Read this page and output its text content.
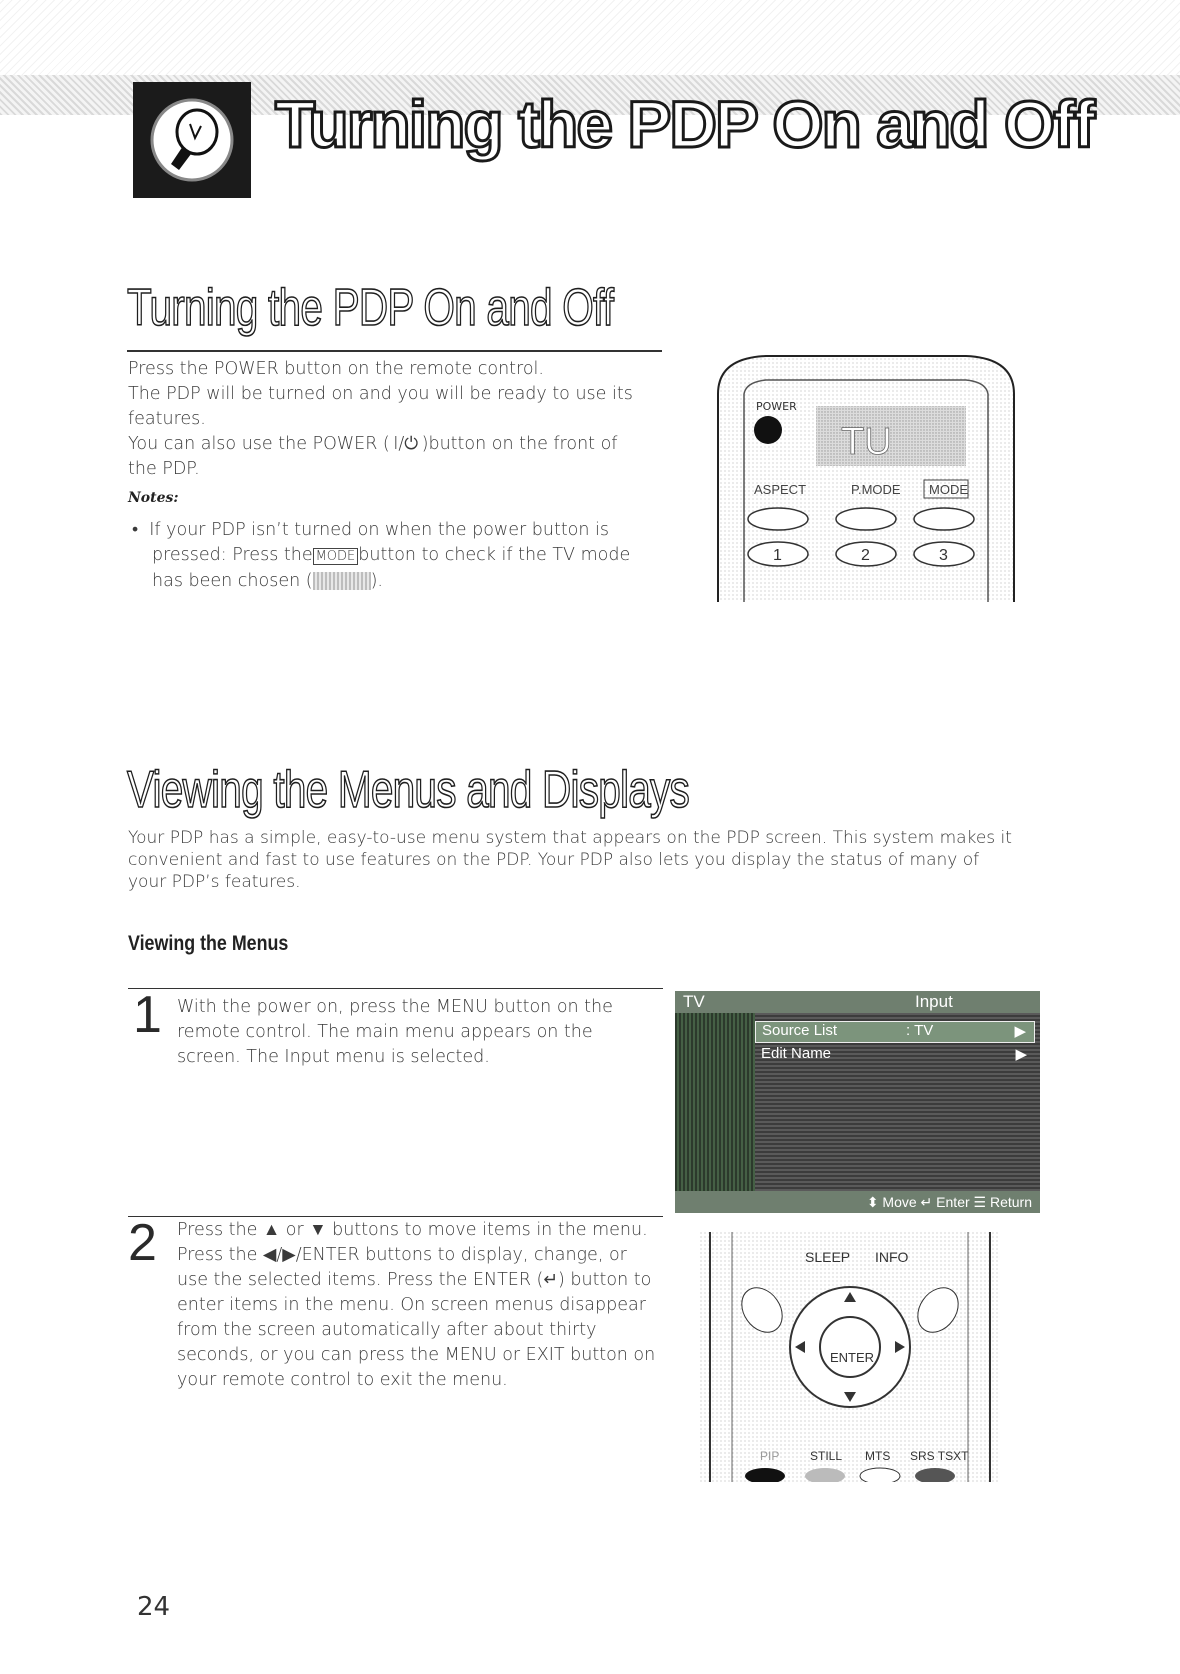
Turning the PDP On and Off
Turning the PDP On and Off

Press the POWER button on the remote control.

The PDP will be turned on and you will be ready to use its features.

You can also use the POWER ( I/⏻ )button on the front of the PDP.

Notes:

•  If your PDP isn’t turned on when the power button is pressed: Press the MODE button to check if the TV mode has been chosen (	).

POWER
TU
ASPECT	P.MODE MODE
1	2	3
Viewing the Menus and Displays
Your PDP has a simple, easy-to-use menu system that appears on the PDP screen. This system makes it convenient and fast to use features on the PDP. Your PDP also lets you display the status of many of your PDP’s features.
Viewing the Menus
1 With the power on, press the MENU button on the remote control. The main menu appears on the screen. The Input menu is selected.
TV	Input
Source List	: TV	▶
Edit Name	▶
⬍ Move ↵ Enter ☰ Return
2 Press the ▲ or ▼ buttons to move items in the menu. Press the ◀/▶/ENTER buttons to display, change, or use the selected items. Press the ENTER (↵) button to enter items in the menu. On screen menus disappear from the screen automatically after about thirty seconds, or you can press the MENU or EXIT button on your remote control to exit the menu.
SLEEP INFO
ENTER
PIP	STILL MTS SRS TSXT
24
